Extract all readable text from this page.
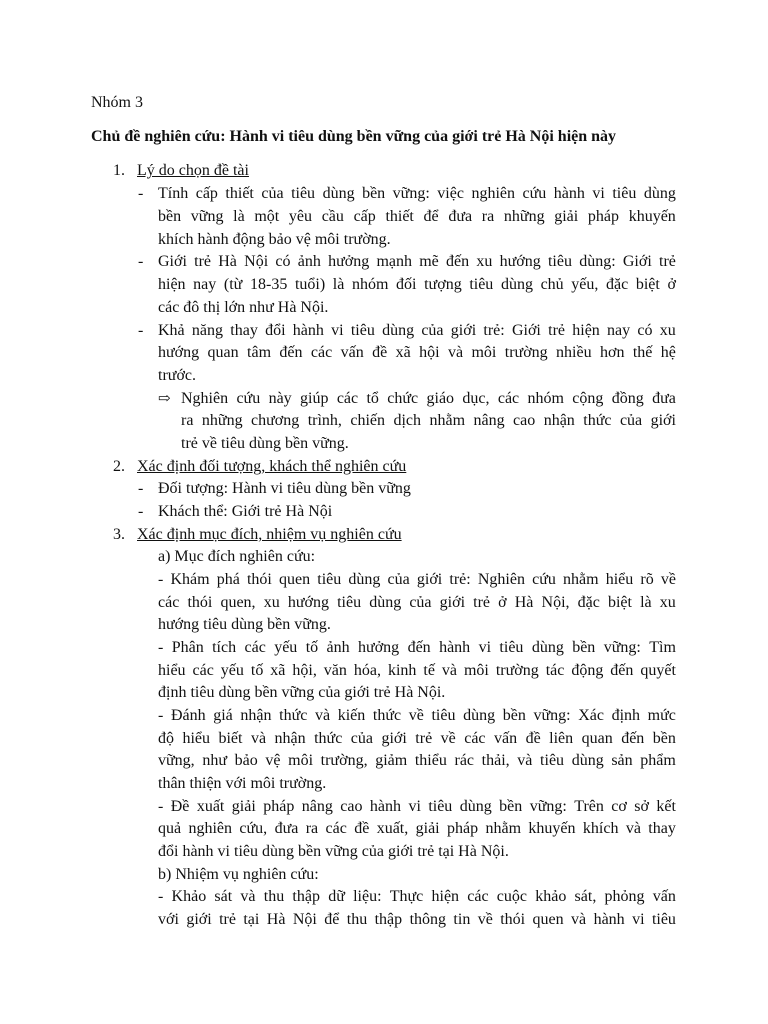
Nhóm 3
Chủ đề nghiên cứu: Hành vi tiêu dùng bền vững của giới trẻ Hà Nội hiện này
1. Lý do chọn đề tài
- Tính cấp thiết của tiêu dùng bền vững: việc nghiên cứu hành vi tiêu dùng
bền vững là một yêu cầu cấp thiết để đưa ra những giải pháp khuyến
khích hành động bảo vệ môi trường.
- Giới trẻ Hà Nội có ảnh hưởng mạnh mẽ đến xu hướng tiêu dùng: Giới trẻ
hiện nay (từ 18-35 tuổi) là nhóm đối tượng tiêu dùng chủ yếu, đặc biệt ở
các đô thị lớn như Hà Nội.
- Khả năng thay đổi hành vi tiêu dùng của giới trẻ: Giới trẻ hiện nay có xu
hướng quan tâm đến các vấn đề xã hội và môi trường nhiều hơn thế hệ
trước.
⇨ Nghiên cứu này giúp các tổ chức giáo dục, các nhóm cộng đồng đưa
ra những chương trình, chiến dịch nhằm nâng cao nhận thức của giới
trẻ về tiêu dùng bền vững.
2. Xác định đối tượng, khách thể nghiên cứu
- Đối tượng: Hành vi tiêu dùng bền vững
- Khách thể: Giới trẻ Hà Nội
3. Xác định mục đích, nhiệm vụ nghiên cứu
a) Mục đích nghiên cứu:
- Khám phá thói quen tiêu dùng của giới trẻ: Nghiên cứu nhằm hiểu rõ về
các thói quen, xu hướng tiêu dùng của giới trẻ ở Hà Nội, đặc biệt là xu
hướng tiêu dùng bền vững.
- Phân tích các yếu tố ảnh hưởng đến hành vi tiêu dùng bền vững: Tìm
hiểu các yếu tố xã hội, văn hóa, kinh tế và môi trường tác động đến quyết
định tiêu dùng bền vững của giới trẻ Hà Nội.
- Đánh giá nhận thức và kiến thức về tiêu dùng bền vững: Xác định mức
độ hiểu biết và nhận thức của giới trẻ về các vấn đề liên quan đến bền
vững, như bảo vệ môi trường, giảm thiểu rác thải, và tiêu dùng sản phẩm
thân thiện với môi trường.
- Đề xuất giải pháp nâng cao hành vi tiêu dùng bền vững: Trên cơ sở kết
quả nghiên cứu, đưa ra các đề xuất, giải pháp nhằm khuyến khích và thay
đổi hành vi tiêu dùng bền vững của giới trẻ tại Hà Nội.
b) Nhiệm vụ nghiên cứu:
- Khảo sát và thu thập dữ liệu: Thực hiện các cuộc khảo sát, phỏng vấn
với giới trẻ tại Hà Nội để thu thập thông tin về thói quen và hành vi tiêu
